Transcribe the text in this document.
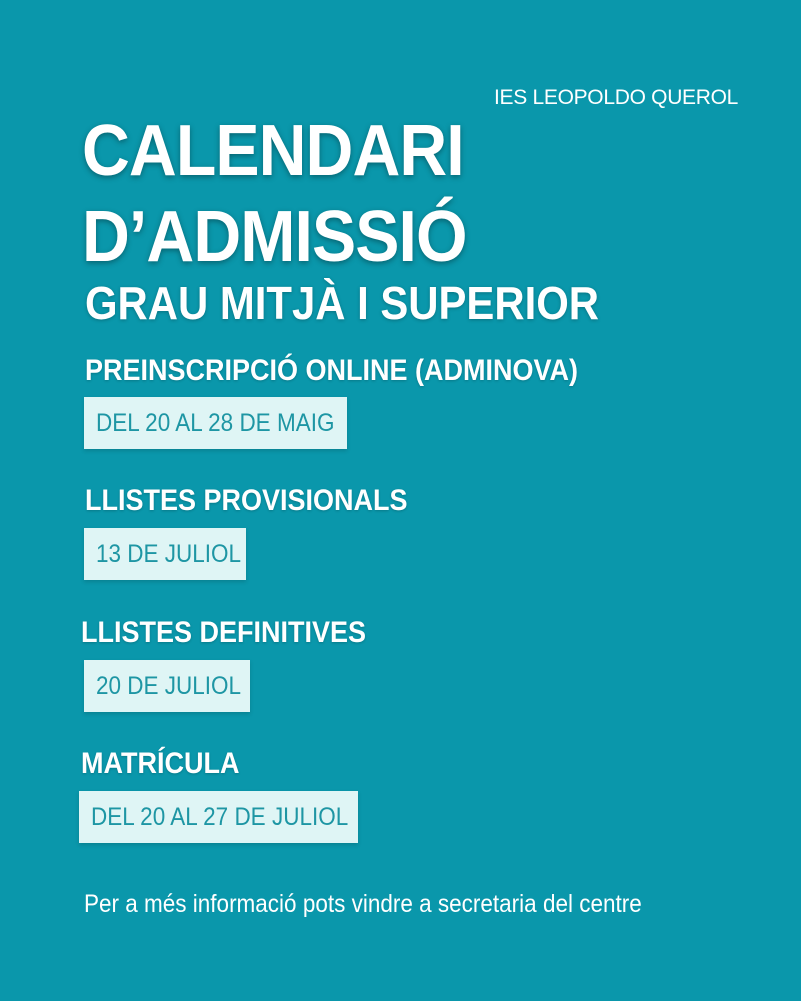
IES LEOPOLDO QUEROL
CALENDARI
D’ADMISSIÓ
GRAU MITJÀ I SUPERIOR
PREINSCRIPCIÓ ONLINE (ADMINOVA)
DEL 20 AL 28 DE MAIG
LLISTES PROVISIONALS
13 DE JULIOL
LLISTES DEFINITIVES
20 DE JULIOL
MATRÍCULA
DEL 20 AL 27 DE JULIOL
Per a més informació pots vindre a secretaria del centre
